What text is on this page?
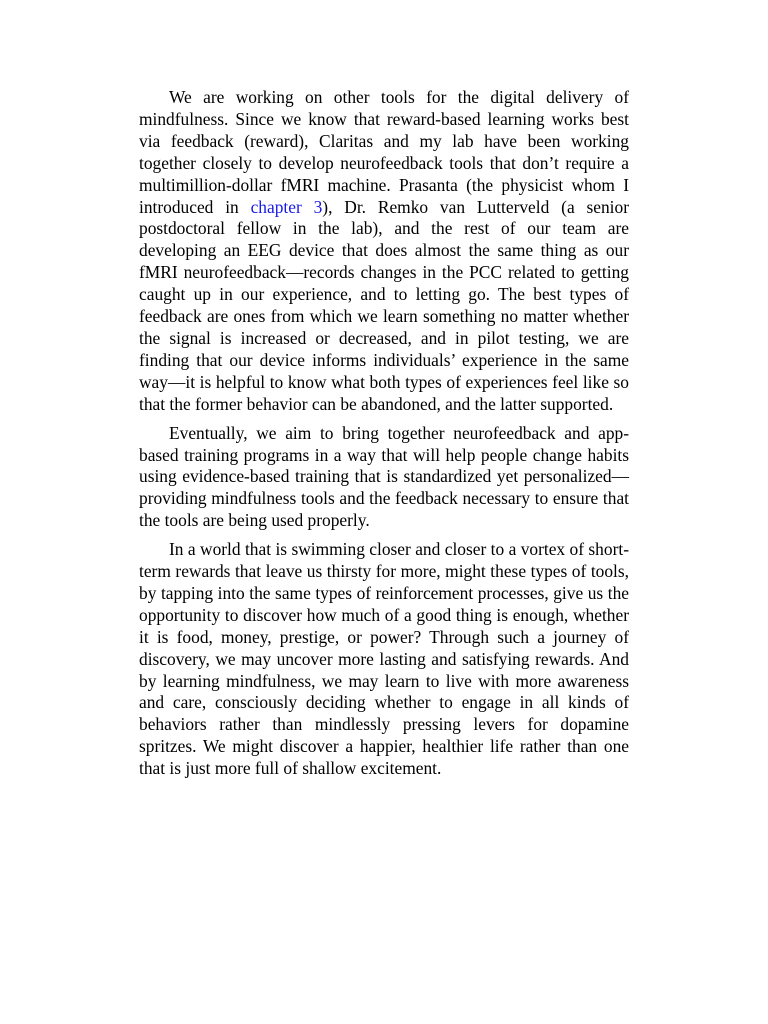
We are working on other tools for the digital delivery of mindfulness. Since we know that reward-based learning works best via feedback (reward), Claritas and my lab have been working together closely to develop neurofeedback tools that don’t require a multimillion-dollar fMRI machine. Prasanta (the physicist whom I introduced in chapter 3), Dr. Remko van Lutterveld (a senior postdoctoral fellow in the lab), and the rest of our team are developing an EEG device that does almost the same thing as our fMRI neurofeedback—records changes in the PCC related to getting caught up in our experience, and to letting go. The best types of feedback are ones from which we learn something no matter whether the signal is increased or decreased, and in pilot testing, we are finding that our device informs individuals’ experience in the same way—it is helpful to know what both types of experiences feel like so that the former behavior can be abandoned, and the latter supported.

Eventually, we aim to bring together neurofeedback and app-based training programs in a way that will help people change habits using evidence-based training that is standardized yet personalized—providing mindfulness tools and the feedback necessary to ensure that the tools are being used properly.

In a world that is swimming closer and closer to a vortex of short-term rewards that leave us thirsty for more, might these types of tools, by tapping into the same types of reinforcement processes, give us the opportunity to discover how much of a good thing is enough, whether it is food, money, prestige, or power? Through such a journey of discovery, we may uncover more lasting and satisfying rewards. And by learning mindfulness, we may learn to live with more awareness and care, consciously deciding whether to engage in all kinds of behaviors rather than mindlessly pressing levers for dopamine spritzes. We might discover a happier, healthier life rather than one that is just more full of shallow excitement.
